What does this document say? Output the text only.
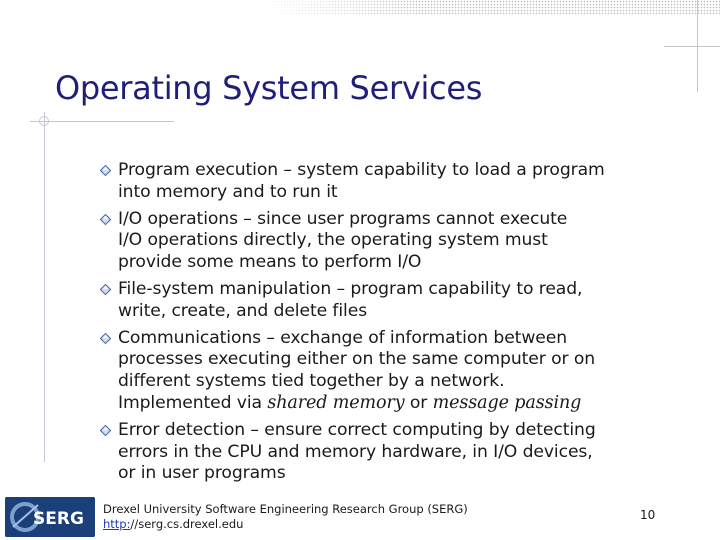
Operating System Services
Program execution – system capability to load a program
into memory and to run it
I/O operations – since user programs cannot execute
I/O operations directly, the operating system must
provide some means to perform I/O
File-system manipulation – program capability to read,
write, create, and delete files
Communications – exchange of information between
processes executing either on the same computer or on
different systems tied together by a network.
Implemented via shared memory or message passing
Error detection – ensure correct computing by detecting
errors in the CPU and memory hardware, in I/O devices,
or in user programs
SERG Drexel University Software Engineering Research Group (SERG)
http://serg.cs.drexel.edu
10
